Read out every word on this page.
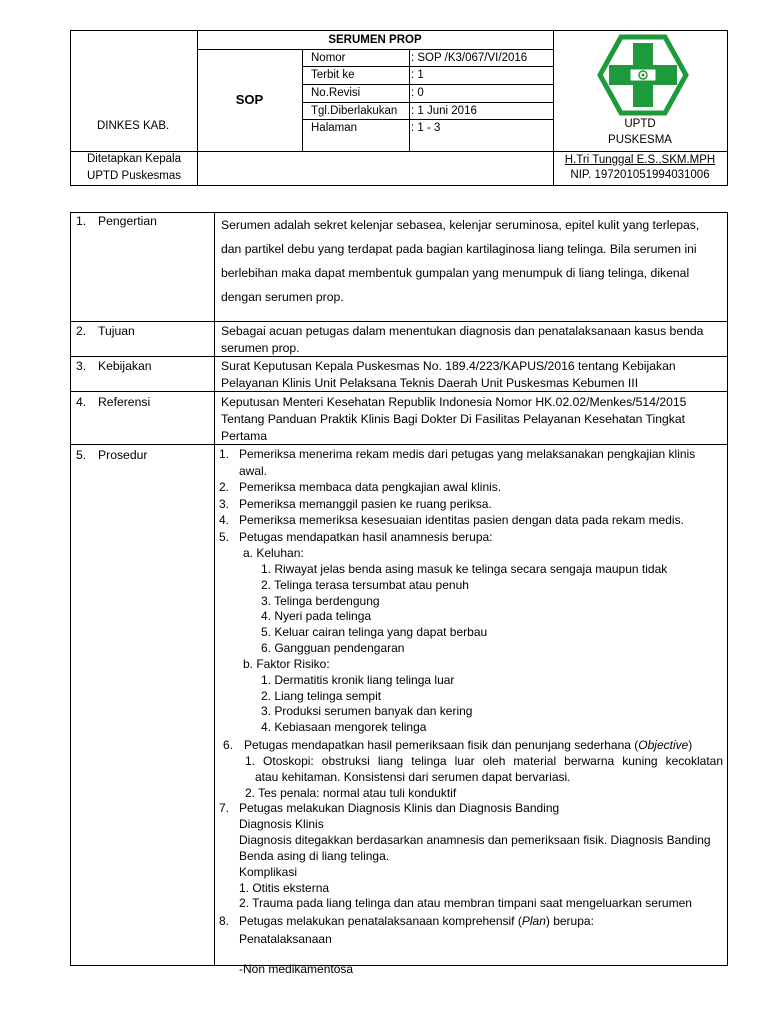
DINKES KAB.
SERUMEN PROP
SOP
Nomor	: SOP /K3/067/VI/2016
Terbit ke	: 1
No.Revisi	: 0
Tgl.Diberlakukan : 1 Juni 2016
Halaman	: 1 - 3	UPTD
PUSKESMA
Ditetapkan Kepala
UPTD Puskesmas
H.Tri Tunggal E.S.,SKM.MPH
NIP. 197201051994031006
1. Pengertian	Serumen adalah sekret kelenjar sebasea, kelenjar seruminosa, epitel kulit yang terlepas,
dan partikel debu yang terdapat pada bagian kartilaginosa liang telinga. Bila serumen ini
berlebihan maka dapat membentuk gumpalan yang menumpuk di liang telinga, dikenal
dengan serumen prop.
2. Tujuan	Sebagai acuan petugas dalam menentukan diagnosis dan penatalaksanaan kasus benda
serumen prop.
3. Kebijakan	Surat Keputusan Kepala Puskesmas No. 189.4/223/KAPUS/2016 tentang Kebijakan
Pelayanan Klinis Unit Pelaksana Teknis Daerah Unit Puskesmas Kebumen III
4. Referensi	Keputusan Menteri Kesehatan Republik Indonesia Nomor HK.02.02/Menkes/514/2015
Tentang Panduan Praktik Klinis Bagi Dokter Di Fasilitas Pelayanan Kesehatan Tingkat
Pertama
5. Prosedur	1. Pemeriksa menerima rekam medis dari petugas yang melaksanakan pengkajian klinis
awal.
2. Pemeriksa membaca data pengkajian awal klinis.
3. Pemeriksa memanggil pasien ke ruang periksa.
4. Pemeriksa memeriksa kesesuaian identitas pasien dengan data pada rekam medis.
5. Petugas mendapatkan hasil anamnesis berupa:
a. Keluhan:
1. Riwayat jelas benda asing masuk ke telinga secara sengaja maupun tidak
2. Telinga terasa tersumbat atau penuh
3. Telinga berdengung
4. Nyeri pada telinga
5. Keluar cairan telinga yang dapat berbau
6. Gangguan pendengaran
b. Faktor Risiko:
1. Dermatitis kronik liang telinga luar
2. Liang telinga sempit
3. Produksi serumen banyak dan kering
4. Kebiasaan mengorek telinga
6. Petugas mendapatkan hasil pemeriksaan fisik dan penunjang sederhana (Objective)
1. Otoskopi: obstruksi liang telinga luar oleh material berwarna kuning kecoklatan
atau kehitaman. Konsistensi dari serumen dapat bervariasi.
2. Tes penala: normal atau tuli konduktif
7. Petugas melakukan Diagnosis Klinis dan Diagnosis Banding
Diagnosis Klinis
Diagnosis ditegakkan berdasarkan anamnesis dan pemeriksaan fisik. Diagnosis Banding
Benda asing di liang telinga.
Komplikasi
1. Otitis eksterna
2. Trauma pada liang telinga dan atau membran timpani saat mengeluarkan serumen
8. Petugas melakukan penatalaksanaan komprehensif (Plan) berupa:
Penatalaksanaan
-Non medikamentosa
